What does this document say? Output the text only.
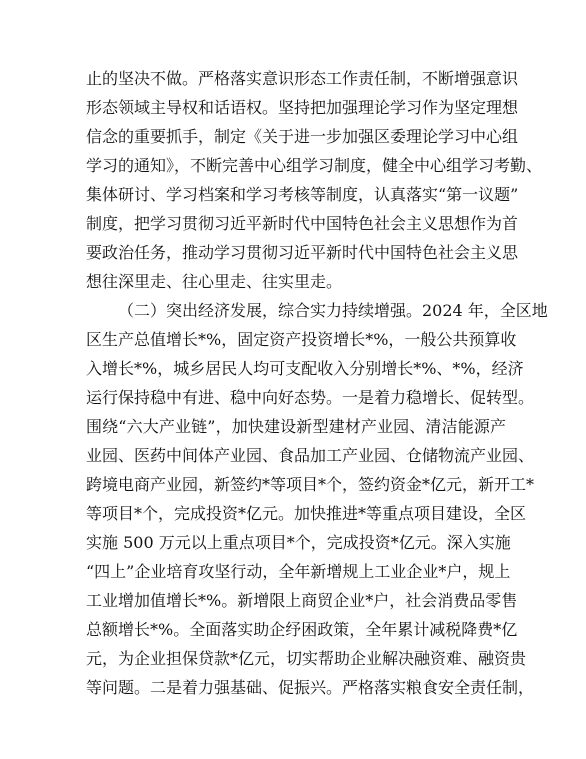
止的坚决不做。严格落实意识形态工作责任制，不断增强意识
形态领域主导权和话语权。坚持把加强理论学习作为坚定理想
信念的重要抓手，制定《关于进一步加强区委理论学习中心组
学习的通知》，不断完善中心组学习制度，健全中心组学习考勤、
集体研讨、学习档案和学习考核等制度，认真落实“第一议题”
制度，把学习贯彻习近平新时代中国特色社会主义思想作为首
要政治任务，推动学习贯彻习近平新时代中国特色社会主义思
想往深里走、往心里走、往实里走。
（二）突出经济发展，综合实力持续增强。2024 年，全区地
区生产总值增长*%，固定资产投资增长*%，一般公共预算收
入增长*%，城乡居民人均可支配收入分别增长*%、*%，经济
运行保持稳中有进、稳中向好态势。一是着力稳增长、促转型。
围绕“六大产业链”，加快建设新型建材产业园、清洁能源产
业园、医药中间体产业园、食品加工产业园、仓储物流产业园、
跨境电商产业园，新签约*等项目*个，签约资金*亿元，新开工*
等项目*个，完成投资*亿元。加快推进*等重点项目建设，全区
实施 500 万元以上重点项目*个，完成投资*亿元。深入实施
“四上”企业培育攻坚行动，全年新增规上工业企业*户，规上
工业增加值增长*%。新增限上商贸企业*户，社会消费品零售
总额增长*%。全面落实助企纾困政策，全年累计减税降费*亿
元，为企业担保贷款*亿元，切实帮助企业解决融资难、融资贵
等问题。二是着力强基础、促振兴。严格落实粮食安全责任制，
